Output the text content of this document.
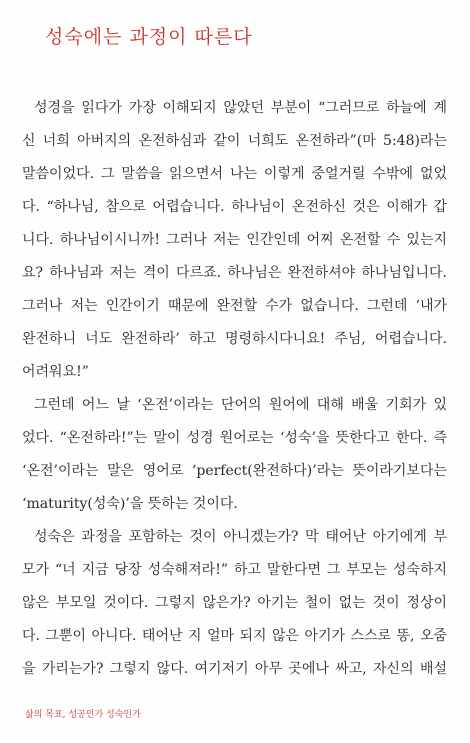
성숙에는 과정이 따른다
성경을 읽다가 가장 이해되지 않았던 부분이 “그러므로 하늘에 계
신 너희 아버지의 온전하심과 같이 너희도 온전하라”(마 5:48)라는
말씀이었다. 그 말씀을 읽으면서 나는 이렇게 중얼거릴 수밖에 없었
다. “하나님, 참으로 어렵습니다. 하나님이 온전하신 것은 이해가 갑
니다. 하나님이시니까! 그러나 저는 인간인데 어찌 온전할 수 있는지
요? 하나님과 저는 격이 다르죠. 하나님은 완전하셔야 하나님입니다.
그러나 저는 인간이기 때문에 완전할 수가 없습니다. 그런데 ‘내가
완전하니 너도 완전하라’ 하고 명령하시다니요! 주님, 어렵습니다.
어려워요!”
그런데 어느 날 ‘온전’이라는 단어의 원어에 대해 배울 기회가 있
었다. “온전하라!”는 말이 성경 원어로는 ‘성숙’을 뜻한다고 한다. 즉
‘온전’이라는 말은 영어로 ‘perfect(완전하다)’라는 뜻이라기보다는
‘maturity(성숙)’을 뜻하는 것이다.
성숙은 과정을 포함하는 것이 아니겠는가? 막 태어난 아기에게 부
모가 “너 지금 당장 성숙해져라!” 하고 말한다면 그 부모는 성숙하지
않은 부모일 것이다. 그렇지 않은가? 아기는 철이 없는 것이 정상이
다. 그뿐이 아니다. 태어난 지 얼마 되지 않은 아기가 스스로 똥, 오줌
을 가리는가? 그렇지 않다. 여기저기 아무 곳에나 싸고, 자신의 배설
삶의 목표, 성공인가 성숙인가
